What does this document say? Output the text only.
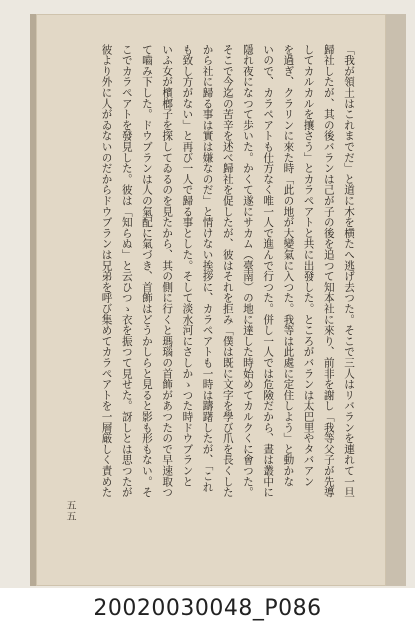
「我が領土はこれまでだ」と道に木を横たへ逃げ去つた。そこで三人はリバランを連れて一旦
歸社したが、其の後バランは己が子の後を追つて知本社に來り、前非を謝し「我等父子が先導
してカルカルを攘さう」とカラペアトと共に出發した。ところがバランは太巴里やタバアン
を過ぎ、クラリンに來た時「此の地が大變氣に入つた。我等は此處に定住しよう」と動かな
いので、カラペアトも仕方なく唯一人で進んで行つた。併し一人では危險だから、晝は叢中に
隱れ夜になつて歩いた。かくて遂にサカム（臺南）の地に達した時始めてカルクくに會つた。
そこで今迄の苦辛を述べ歸社を促したが、彼はそれを拒み「僕は既に文字を學び爪を長くした
から社に歸る事は實は嫌なのだ」と情けない挨拶に、カラペアトも一時は躊躇したが、「これ
も致し方がない」と再び一人で歸る事とした。そして淡水河にさしかゝつた時ドウブランと
いふ女が檳榔子を探してゐるのを見たから、其の側に行くと瑪瑙の首飾があつたので早速取つ
て嚙み下した。ドウブランは人の氣配に氣づき、首飾はどうかしらと見ると影も形もない。そ
こでカラペアトを發見した。彼は「知らぬ」と云ひつゝ衣を振つて見せた。訝しとは思つたが
彼より外に人がゐないのだからドウブランは兄弟を呼び集めてカラペアトを一層厳しく責めた
五五
20020030048_P086
